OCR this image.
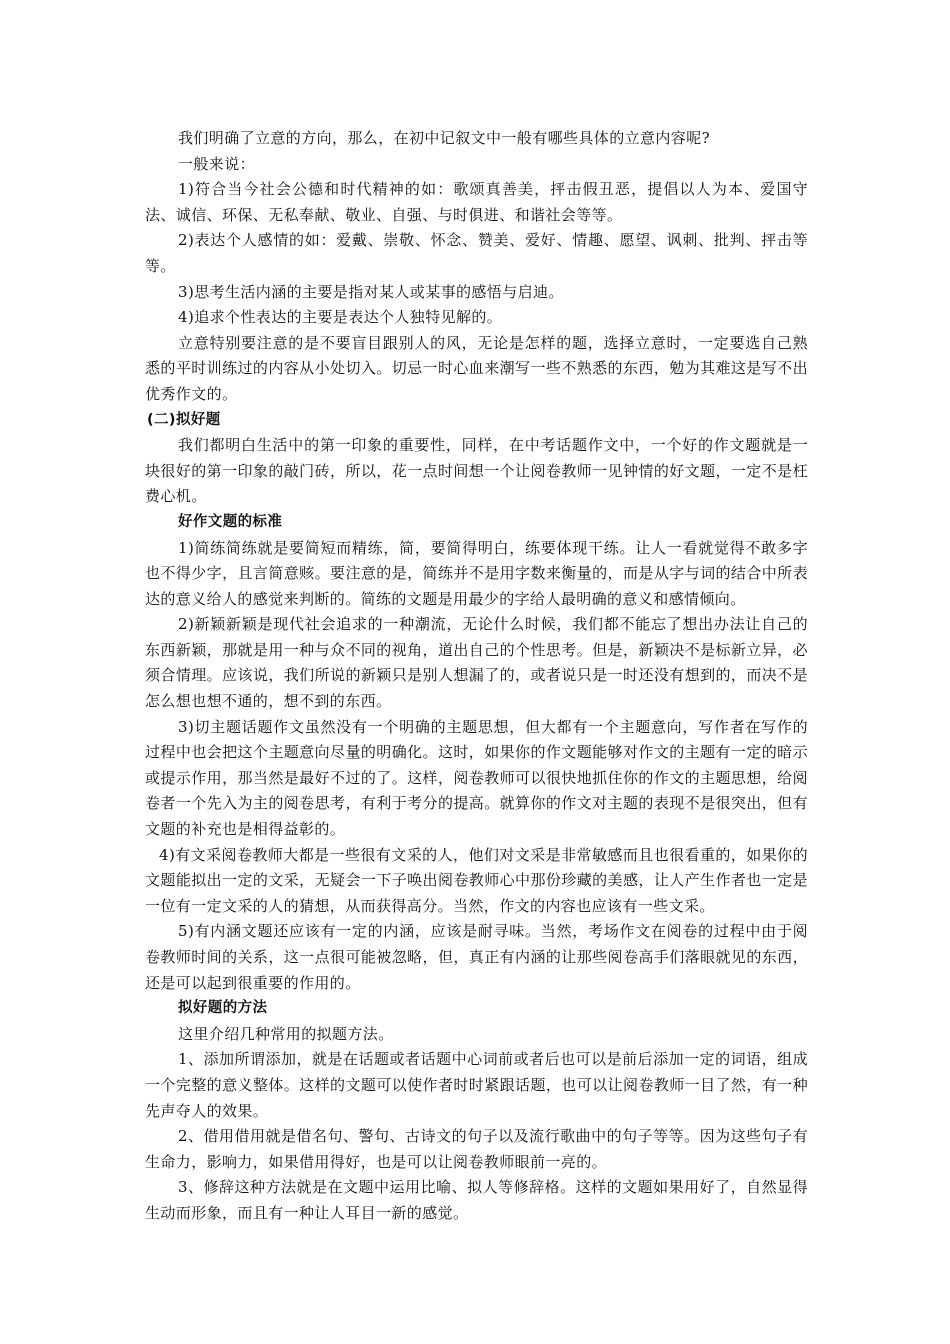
我们明确了立意的方向，那么，在初中记叙文中一般有哪些具体的立意内容呢?

一般来说：

1)符合当今社会公德和时代精神的如：歌颂真善美，抨击假丑恶，提倡以人为本、爱国守法、诚信、环保、无私奉献、敬业、自强、与时俱进、和谐社会等等。

2)表达个人感情的如：爱戴、崇敬、怀念、赞美、爱好、情趣、愿望、讽刺、批判、抨击等等。

3)思考生活内涵的主要是指对某人或某事的感悟与启迪。

4)追求个性表达的主要是表达个人独特见解的。

立意特别要注意的是不要盲目跟别人的风，无论是怎样的题，选择立意时，一定要选自己熟悉的平时训练过的内容从小处切入。切忌一时心血来潮写一些不熟悉的东西，勉为其难这是写不出优秀作文的。

(二)拟好题

我们都明白生活中的第一印象的重要性，同样，在中考话题作文中，一个好的作文题就是一块很好的第一印象的敲门砖，所以，花一点时间想一个让阅卷教师一见钟情的好文题，一定不是枉费心机。

好作文题的标准

1)简练简练就是要简短而精练，简，要简得明白，练要体现干练。让人一看就觉得不敢多字也不得少字，且言简意赅。要注意的是，简练并不是用字数来衡量的，而是从字与词的结合中所表达的意义给人的感觉来判断的。简练的文题是用最少的字给人最明确的意义和感情倾向。

2)新颖新颖是现代社会追求的一种潮流，无论什么时候，我们都不能忘了想出办法让自己的东西新颖，那就是用一种与众不同的视角，道出自己的个性思考。但是，新颖决不是标新立异，必须合情理。应该说，我们所说的新颖只是别人想漏了的，或者说只是一时还没有想到的，而决不是怎么想也想不通的，想不到的东西。

3)切主题话题作文虽然没有一个明确的主题思想，但大都有一个主题意向，写作者在写作的过程中也会把这个主题意向尽量的明确化。这时，如果你的作文题能够对作文的主题有一定的暗示或提示作用，那当然是最好不过的了。这样，阅卷教师可以很快地抓住你的作文的主题思想，给阅卷者一个先入为主的阅卷思考，有利于考分的提高。就算你的作文对主题的表现不是很突出，但有文题的补充也是相得益彰的。

4)有文采阅卷教师大都是一些很有文采的人，他们对文采是非常敏感而且也很看重的，如果你的文题能拟出一定的文采，无疑会一下子唤出阅卷教师心中那份珍藏的美感，让人产生作者也一定是一位有一定文采的人的猜想，从而获得高分。当然，作文的内容也应该有一些文采。

5)有内涵文题还应该有一定的内涵，应该是耐寻味。当然，考场作文在阅卷的过程中由于阅卷教师时间的关系，这一点很可能被忽略，但，真正有内涵的让那些阅卷高手们落眼就见的东西，还是可以起到很重要的作用的。

拟好题的方法

这里介绍几种常用的拟题方法。

1、添加所谓添加，就是在话题或者话题中心词前或者后也可以是前后添加一定的词语，组成一个完整的意义整体。这样的文题可以使作者时时紧跟话题，也可以让阅卷教师一目了然，有一种先声夺人的效果。

2、借用借用就是借名句、警句、古诗文的句子以及流行歌曲中的句子等等。因为这些句子有生命力，影响力，如果借用得好，也是可以让阅卷教师眼前一亮的。

3、修辞这种方法就是在文题中运用比喻、拟人等修辞格。这样的文题如果用好了，自然显得生动而形象，而且有一种让人耳目一新的感觉。
